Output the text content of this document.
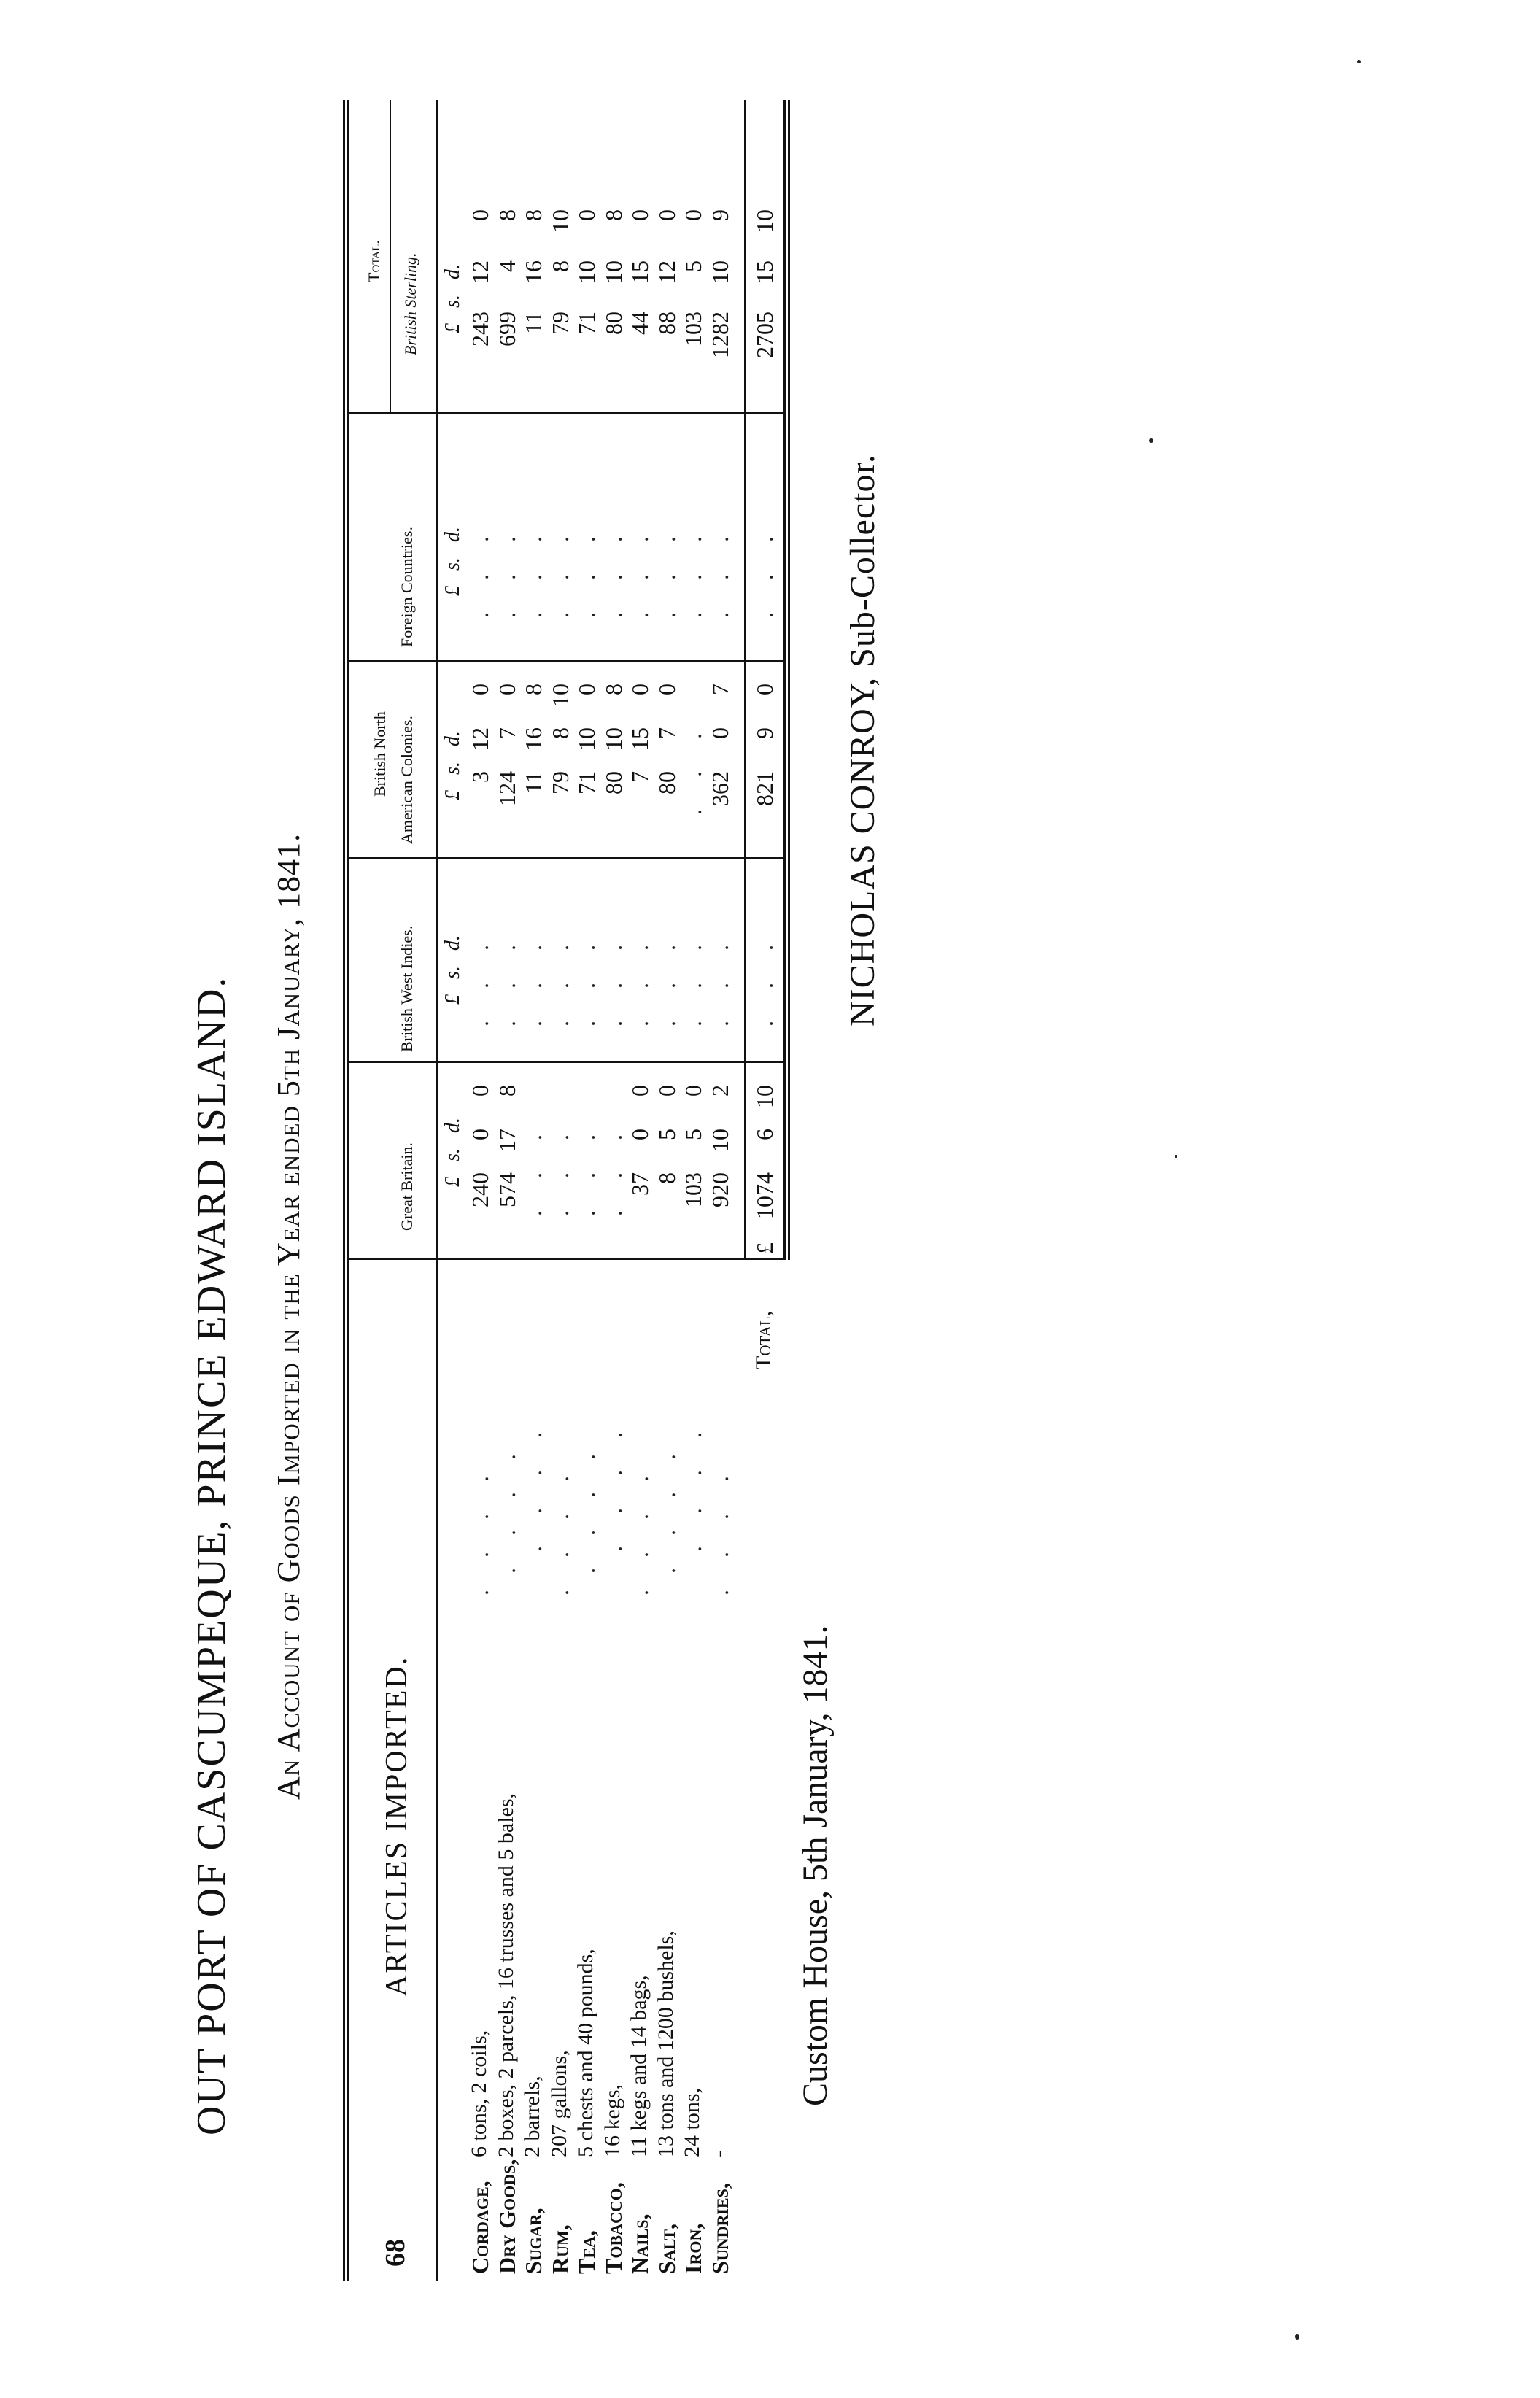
68
OUT PORT OF CASCUMPEQUE, PRINCE EDWARD ISLAND. An Account of Goods Imported in the Year ended 5th January, 1841.
ARTICLES IMPORTED.
Great Britain.
British West Indies.
British North American Colonies.
Foreign Countries.
Total. British Sterling.
£   s.   d.
£   s.   d.
£   s.   d.
£   s.   d.
£   s.   d.
Cordage,
6 tons, 2 coils,
. . . .
240
0
0
3
12
0
243
12
0
. . .
. . .
Dry Goods,
2 boxes, 2 parcels, 16 trusses and 5 bales,
. . . .
574
17
8
124
7
0
699
4
8
. . .
. . .
Sugar,
2 barrels,
. . . .
. . .
11
16
8
11
16
8
. . .
. . .
Rum,
207 gallons,
. . . .
. . .
79
8
10
79
8
10
. . .
. . .
Tea,
5 chests and 40 pounds,
. . . .
. . .
71
10
0
71
10
0
. . .
. . .
Tobacco,
16 kegs,
. . . .
. . .
80
10
8
80
10
8
. . .
. . .
Nails,
11 kegs and 14 bags,
. . . .
37
0
0
7
15
0
44
15
0
. . .
. . .
Salt,
13 tons and 1200 bushels,
. . . .
8
5
0
80
7
0
88
12
0
. . .
. . .
Iron,
24 tons,
. . . .
103
5
0
. . .
103
5
0
. . .
. . .
Sundries,
-
. . . .
920
10
2
362
0
7
1282
10
9
. . .
. . .
Total,
£
1074
6
10
. . .
821
9
0
. . .
2705
15
10
Custom House, 5th January, 1841.
NICHOLAS CONROY, Sub-Collector.
